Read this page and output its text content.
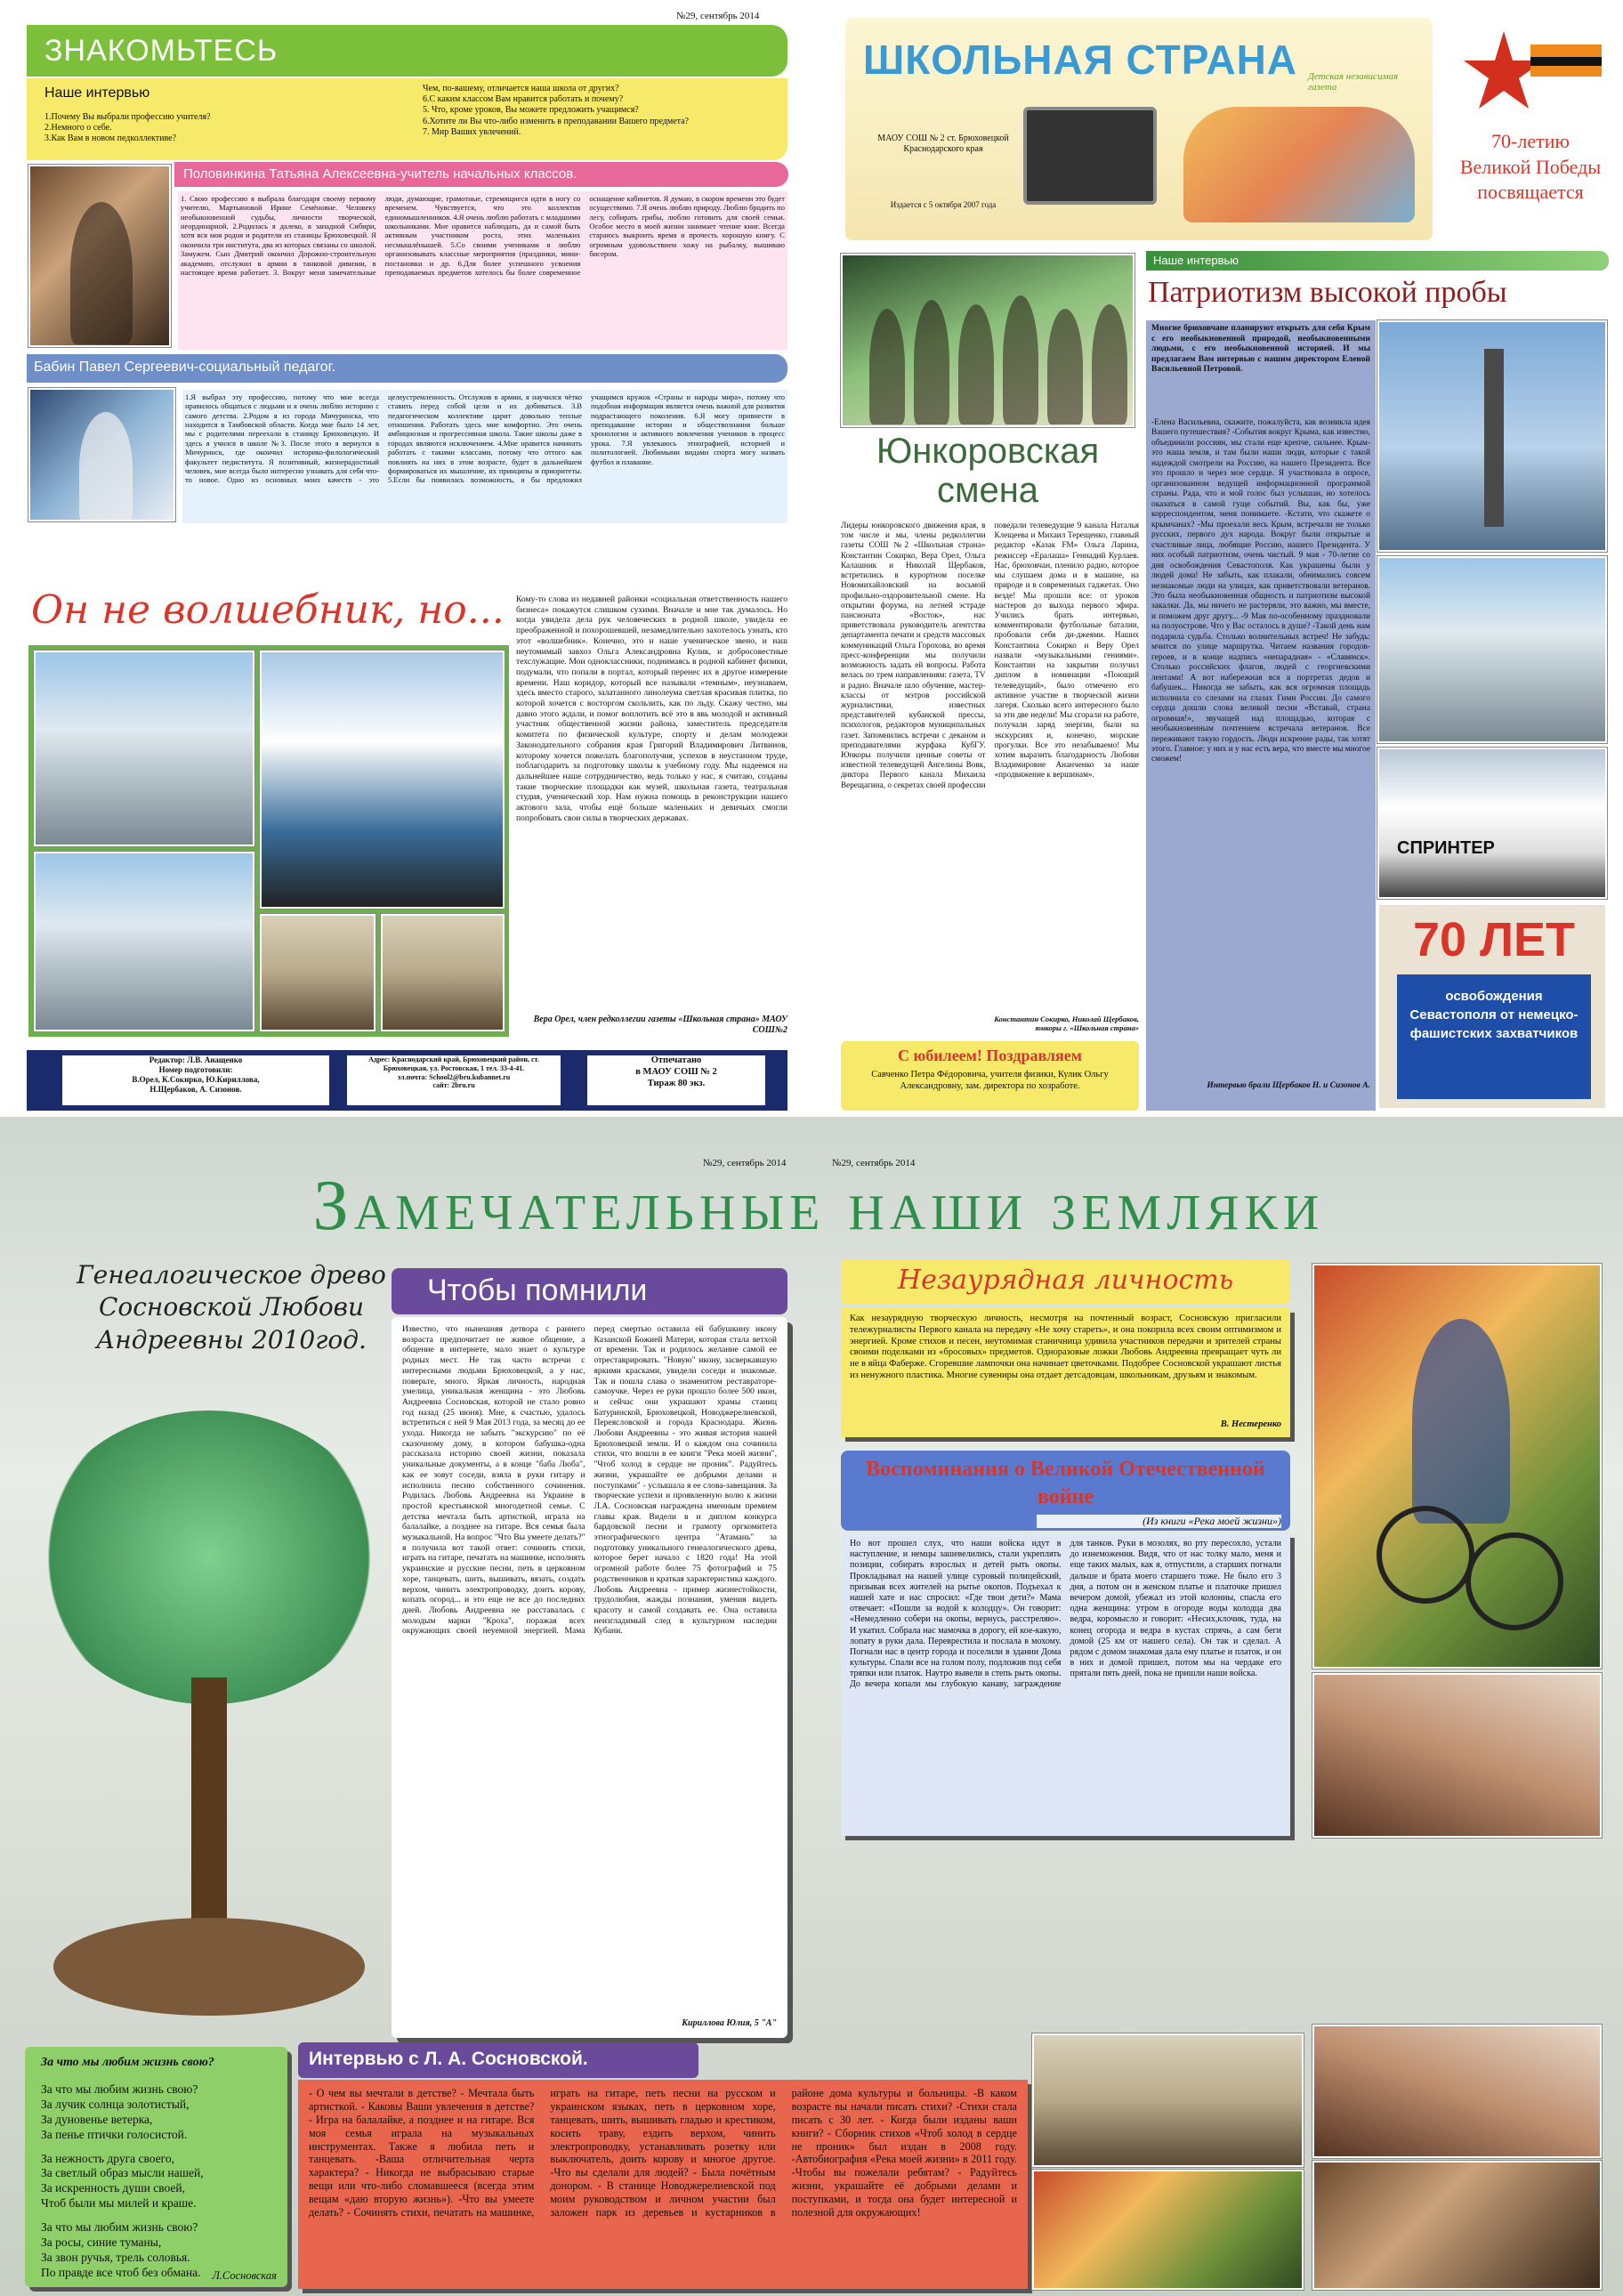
№29, сентябрь 2014
ЗНАКОМЬТЕСЬ
Наше интервью
1.Почему Вы выбрали профессию учителя?
2.Немного о себе.
3.Как Вам в новом педколлективе?
Чем, по-вашему, отличается наша школа от других?
6.С каким классом Вам нравится работать и почему?
5. Что, кроме уроков, Вы можете предложить учащимся?
6.Хотите ли Вы что-либо изменить в преподавании Вашего предмета?
7. Мир Ваших увлечений.
Половинкина Татьяна Алексеевна-учитель начальных классов.
1. Свою профессию я выбрала благодаря своему первому учителю, Мартьяновой Ирине Семёновне. Человеку необыкновенной судьбы, личности творческой, неординарной. 2.Родилась я далеко, в западной Сибири, хотя вся моя родня и родители из станицы Брюховецкой. Я окончила три института, два из которых связаны со школой. Замужем. Сын Дмитрий окончил Дорожно-строительную академию, отслужил в армии в танковой дивизии, в настоящее время работает. 3. Вокруг меня замечательные люди, думающие, грамотные, стремящиеся идти в ногу со временем. Чувствуется, что это коллектив единомышленников. 4.Я очень люблю работать с младшими школьниками. Мне нравится наблюдать, да и самой быть активным участником роста, этих маленьких несмышлёнышей. 5.Со своими учениками я люблю организовывать классные мероприятия (праздники, мини-постановки и др. 6.Для более успешного усвоения преподаваемых предметов хотелось бы более современное оснащение кабинетов. Я думаю, в скором времени это будет осуществимо. 7.Я очень люблю природу. Люблю бродить по лесу, собирать грибы, люблю готовить для своей семьи. Особое место в моей жизни занимает чтение книг. Всегда стараюсь выкроить время и прочесть хорошую книгу. С огромным удовольствием хожу на рыбалку, вышиваю бисером.
Бабин Павел Сергеевич-социальный педагог.
1.Я выбрал эту профессию, потому что мне всегда нравилось общаться с людьми и я очень люблю историю с самого детства. 2.Родом я из города Мичуринска, что находится в Тамбовской области. Когда мне было 14 лет, мы с родителями переехали в станицу Брюховецкую. И здесь я учился в школе №3. После этого я вернулся в Мичуринск, где окончил историко-филологический факультет педиститута. Я позитивный, жизнерадостный человек, мне всегда было интересно узнавать для себя что-то новое. Одно из основных моих качеств - это целеустремленность. Отслужив в армии, я научился чётко ставить перед собой цели и их добиваться. 3.В педагогическом коллективе царит довольно теплые отношения. Работать здесь мне комфортно. Это очень амбициозная и прогрессивная школа. Такие школы даже в городах являются исключением. 4.Мне нравится начинать работать с такими классами, потому что оттого как повлиять на них в этом возрасте, будет в дальнейшем формироваться их мышление, их принципы и приоритеты. 5.Если бы появилась возможность, я бы предложил учащимся кружок «Страны и народы мира», потому что подобная информация является очень важной для развития подрастающего поколения. 6.Я могу привнести в преподавание истории и обществознания больше хронологии и активного вовлечения учеников в процесс урока. 7.Я увлекаюсь этнографией, историей и политологией. Любимыми видами спорта могу назвать футбол и плавание.
Он не волшебник, но... Кому-то слова из недавней районки «социальная ответственность нашего бизнеса» покажутся слишком сухими. Вначале и мне так думалось. Но когда увидела дела рук человеческих в родной школе, увидела ее преображенной и похорошевшей, незамедлительно захотелось узнать, кто этот «волшебник». Конечно, это и наше ученическое звено, и наш неутомимый завхоз Ольга Александровна Кулик, и добросовестные техслужащие. Мои одноклассники, поднимаясь в родной кабинет физики, подумали, что попали в портал, который перенес их в другое измерение времени. Наш коридор, который все называли «темным», неузнаваем, здесь вместо старого, залатанного линолеума светлая красивая плитка, по которой хочется с восторгом скользить, как по льду. Скажу честно, мы давно этого ждали, и помог воплотить всё это в явь молодой и активный участник общественной жизни района, заместитель председателя комитета по физической культуре, спорту и делам молодежи Законодательного собрания края Григорий Владимирович Литвинов, которому хочется пожелать благополучия, успехов в неустанном труде, поблагодарить за подготовку школы к учебному году. Мы надеемся на дальнейшее наше сотрудничество, ведь только у нас, я считаю, созданы такие творческие площадки как музей, школьная газета, театральная студия, ученический хор. Нам нужна помощь в реконструкции нашего актового зала, чтобы ещё больше маленьких и девичьих смогли попробовать свои силы в творческих державах.
Вера Орел, член редколлегии газеты «Школьная страна» МАОУ СОШ№2
Редактор: Л.В. Анащенко
Номер подготовили:
В.Орел, К.Сокирко, Ю.Кириллова,
Н.Щербаков, А. Сизонов.
Адрес: Краснодарский край, Брюховецкий район, ст. Брюховецкая, ул. Ростовская, 1 тел. 33-4-41.
эл.почта: School2@bru.kubannet.ru
сайт: 2bru.ru
Отпечатано
в МАОУ СОШ № 2
Тираж 80 экз.
ШКОЛЬНАЯ СТРАНА Детская независимая газета
МАОУ СОШ № 2 ст. Брюховецкой Краснодарского края
Издается с 5 октября 2007 года
70-летию Великой Победы посвящается
Юнкоровская смена
Лидеры юнкоровского движения края, в том числе и мы, члены редколлегии газеты СОШ №2 «Школьная страна» Константин Сокирко, Вера Орел, Ольга Калашник и Николай Щербаков, встретились в курортном поселке Новомихайловский на восьмой профильно-оздоровительной смене. На открытии форума, на летней эстраде пансионата «Восток», нас приветствовала руководитель агентства департамента печати и средств массовых коммуникаций Ольга Горохова, во время пресс-конференции мы получили возможность задать ей вопросы. Работа велась по трем направлениям: газета, TV и радио. Вначале шло обучение, мастер-классы от мэтров российской журналистики, известных представителей кубанской прессы, психологов, редакторов муниципальных газет. Запомнились встречи с деканом и преподавателями журфака КубГУ. Юнкоры получили ценные советы от известной телеведущей Ангелины Вовк, диктора Первого канала Михаила Верещагина, о секретах своей профессии поведали телеведущие 9 канала Наталья Клещеева и Михаил Терещенко, главный редактор «Казак FM» Ольга Ларина, режиссер «Ералаша» Геннадий Курлаев. Нас, брюховчан, пленило радио, которое мы слушаем дома и в машине, на природе и в современных гаджетах. Оно везде! Мы прошли все: от уроков мастеров до выхода первого эфира. Учились брать интервью, комментировали футбольные баталии, пробовали себя ди-джеями. Наших Константина Сокирко и Веру Орел назвали «музыкальными гениями». Константин на закрытии получил диплом в номинации «Поющий телеведущий», было отмечено его активное участие в творческой жизни лагеря. Сколько всего интересного было за эти две недели! Мы сгорали на работе, получали заряд энергии, были на экскурсиях и, конечно, морские прогулки. Все это незабываемо! Мы хотим выразить благодарность Любови Владимировне Ананченко за наше «продвижение к вершинам».
Константин Сокирко, Николай Щербаков, юнкоры г. «Школьная страна»
С юбилеем! Поздравляем
Савченко Петра Фёдоровича, учителя физики, Кулик Ольгу Александровну, зам. директора по хозработе.
Наше интервью
Патриотизм высокой пробы
Многие брюховчане планируют открыть для себя Крым с его необыкновенной природой, необыкновенными людьми, с его необыкновенной историей. И мы предлагаем Вам интервью с нашим директором Еленой Васильевной Петровой.
-Елена Васильевна, скажите, пожалуйста, как возникла идея Вашего путешествия? -События вокруг Крыма, как известно, объединили россиян, мы стали еще крепче, сильнее. Крым-это наша земля, и там были наши люди, которые с такой надеждой смотрели на Россию, на нашего Президента. Все это прошло и через мое сердце. Я участвовала в опросе, организованном ведущей информационной программой страны. Рада, что и мой голос был услышан, но хотелось оказаться в самой гуще событий. Вы, как бы, уже корреспондентом, меня понимаете. -Кстати, что скажете о крымчанах? -Мы проехали весь Крым, встречали не только русских, первого дух народа. Вокруг были открытые и счастливые лица, любящие Россию, нашего Президента. У них особый патриотизм, очень чистый. 9 мая - 70-летие со дня освобождения Севастополя. Как украшены были у людей дома! Не забыть, как плакали, обнимались совсем незнакомые люди на улицах, как приветствовали ветеранов. Это была необыкновенная общность и патриотизм высокой закалки. Да, мы ничего не растеряли, это важно, мы вместе, и поможем друг другу... -9 Мая по-особенному праздновали на полуострове. Что у Вас осталось в душе? -Такой день нам подарила судьба. Столько волнительных встреч! Не забудь: мчится по улице маршрутка. Читаем названия городов-героев, и в конце надпись «непарадная» - «Славянск». Столько российских флагов, людей с георгиевскими лентами! А вот набережная вся в портретах дедов и бабушек... Никогда не забыть, как вся огромная площадь исполнила со слезами на глазах Гимн России. До самого сердца дошли слова великой песни «Вставай, страна огромная!», звучащей над площадью, которая с необыкновенным почтением встречала ветеранов. Все переживают такую гордость. Люди искренне рады, так хотят этого. Главное: у них и у нас есть вера, что вместе мы многое сможем!
Интервью брали Щербаков Н. и Сизонов А.
СПРИНТЕР
70 ЛЕТ
освобождения Севастополя от немецко-фашистских захватчиков
№29, сентябрь 2014	№29, сентябрь 2014
Замечательные наши земляки
Генеалогическое древо Сосновской Любови Андреевны 2010год.
Чтобы помнили
Известно, что нынешняя детвора с раннего возраста предпочитает не живое общение, а общение в интернете, мало знает о культуре родных мест. Не так часто встречи с интересными людьми Брюховецкой, а у нас, поверьте, много. Яркая личность, народная умелица, уникальная женщина - это Любовь Андреевна Сосновская, которой не стало ровно год назад (25 июня). Мне, к счастью, удалось встретиться с ней 9 Мая 2013 года, за месяц до ее ухода. Никогда не забыть "экскурсию" по её сказочному дому, в котором бабушка-одна рассказала историю своей жизни, показала уникальные документы, а в конце "баба Люба", как ее зовут соседи, взяла в руки гитару и исполнила песню собственного сочинения. Родилась Любовь Андреевна на Украине в простой крестьянской многодетной семье. С детства мечтала быть артисткой, играла на балалайке, а позднее на гитаре. Вся семья была музыкальной. На вопрос "Что Вы умеете делать?" я получила вот такой ответ: сочинять стихи, играть на гитаре, печатать на машинке, исполнять украинские и русские песни, петь в церковном хоре, танцевать, шить, вышивать, вязать, создать верхом, чинить электропроводку, доить корову, копать огород... и это еще не все до последних дней. Любовь Андреевна не расставалась с молодым марки "Кроха", поражая всех окружающих своей неуемной энергией. Мама перед смертью оставила ей бабушкину икону Казанской Божией Матери, которая стала ветхой от времени. Так и родилось желание самой ее отреставрировать. "Новую" икону, засверкавшую яркими красками, увидели соседи и знакомые. Так и пошла слава о знаменитом реставраторе-самоучке. Через ее руки прошло более 500 икон, и сейчас они украшают храмы станиц Батуринской, Брюховецкой, Новоджерелиевской, Переясловской и города Краснодара. Жизнь Любови Андреевны - это живая история нашей Брюховецкой земли. И о каждом она сочинила стихи, что вошли в ее книги "Река моей жизни", "Чтоб холод в сердце не проник". Радуйтесь жизни, украшайте ее добрыми делами и поступками" - услышала я ее слова-завещания. За творческие успехи и проявленную волю к жизни Л.А. Сосновская награждена именным премием главы края. Видели в и диплом конкурса бардовской песни и грамоту оргкомитета этнографического центра "Атамань" за подготовку уникального генеалогического древа, которое берет начало с 1820 года! На этой огромной работе более 75 фотографий и 75 родственников и краткая характеристика каждого. Любовь Андреевна - пример жизнестойкости, трудолюбия, жажды познания, умения видеть красоту и самой создавать ее. Она оставила неизгладимый след в культурном наследии Кубани.
Кириллова Юлия, 5 "А"
Незаурядная личность
Как незаурядную творческую личность, несмотря на почтенный возраст, Сосновскую пригласили тележурналисты Первого канала на передачу «Не хочу стареть», и она покорила всех своим оптимизмом и энергией. Кроме стихов и песен, неутомимая станичница удивила участников передачи и зрителей страны своими поделками из «бросовых» предметов. Одноразовые ложки Любовь Андреевна превращает чуть ли не в яйца Фаберже. Сгоревшие лампочки она начинает цветочками. Подобреe Сосновской украшают листья из ненужного пластика. Многие сувениры она отдает детсадовцам, школьникам, друзьям и знакомым.
В. Нестеренко
Воспоминания о Великой Отечественной войне
(Из книги «Река моей жизни»)
Но вот прошел слух, что наши войска идут в наступление, и немцы зашевелились, стали укреплять позиции, собирать взрослых и детей рыть окопы. Прокладывал на нашей улице суровый полицейский, призывая всех жителей на рытье окопов. Подъехал к нашей хате и нас спросил: «Где твои дети?» Мама отвечает: «Пошли за водой к колодцу». Он говорит: «Немедленно собери на окопы, вернусь, расстреляю». И укатил. Собрала нас мамочка в дорогу, ей кое-какую, лопату в руки дала. Переврестила и послала в мохому. Погнали нас в центр города и поселили в здании Дома культуры. Спали все на голом полу, подложив под себя тряпки или платок. Наутро вывели в степь рыть окопы. До вечера копали мы глубокую канаву, заграждение для танков. Руки в мозолях, во рту пересохло, устали до изнеможения. Видя, что от нас толку мало, меня и еще таких малых, как я, отпустили, а старших погнали дальше и брата моего старшего тоже. Не было его 3 дня, а потом он в женском платье и платочке пришел вечером домой, убежал из этой колонны, спасла его одна женщина: утром в огороде воды колодца два ведра, коромысло и говорит: «Несих,клочик, туда, на конец огорода и ведра в кустах спрячь, а сам беги домой (25 км от нашего села). Он так и сделал. А рядом с домом знакомая дала ему платье и платок, и он в них и домой пришел, потом мы на чердаке его прятали пять дней, пока не пришли наши войска.
За что мы любим жизнь свою?
За что мы любим жизнь свою?
За лучик солнца золотистый,
За дуновенье ветерка,
За пенье птички голосистой.
За нежность друга своего,
За светлый образ мысли нашей,
За искренность души своей,
Чтоб были мы милей и краше.
За что мы любим жизнь свою?
За росы, синие туманы,
За звон ручья, трель соловья.
По правде все чтоб без обмана.	Л.Сосновская
Интервью с Л. А. Сосновской.
- О чем вы мечтали в детстве? - Мечтала быть артисткой. - Каковы Ваши увлечения в детстве? - Игра на балалайке, а позднее и на гитаре. Вся моя семья играла на музыкальных инструментах. Также я любила петь и танцевать. -Ваша отличительная черта характера? - Никогда не выбрасываю старые вещи или что-либо сломавшееся (всегда этим вещам «даю вторую жизнь»). -Что вы умеете делать? - Сочинять стихи, печатать на машинке, играть на гитаре, петь песни на русском и украинском языках, петь в церковном хоре, танцевать, шить, вышивать гладью и крестиком, косить траву, ездить верхом, чинить электропроводку, устанавливать розетку или выключатель, доить корову и многое другое. -Что вы сделали для людей? - Была почётным донором. - В станице Новоджерелиевской под моим руководством и личном участии был заложен парк из деревьев и кустарников в районе дома культуры и больницы. -В каком возрасте вы начали писать стихи? -Стихи стала писать с 30 лет. - Когда были изданы ваши книги? - Сборник стихов «Чтоб холод в сердце не проник» был издан в 2008 году. -Автобиография «Река моей жизни» в 2011 году. -Чтобы вы пожелали ребятам? - Радуйтесь жизни, украшайте её добрыми делами и поступками, и тогда она будет интересной и полезной для окружающих!
